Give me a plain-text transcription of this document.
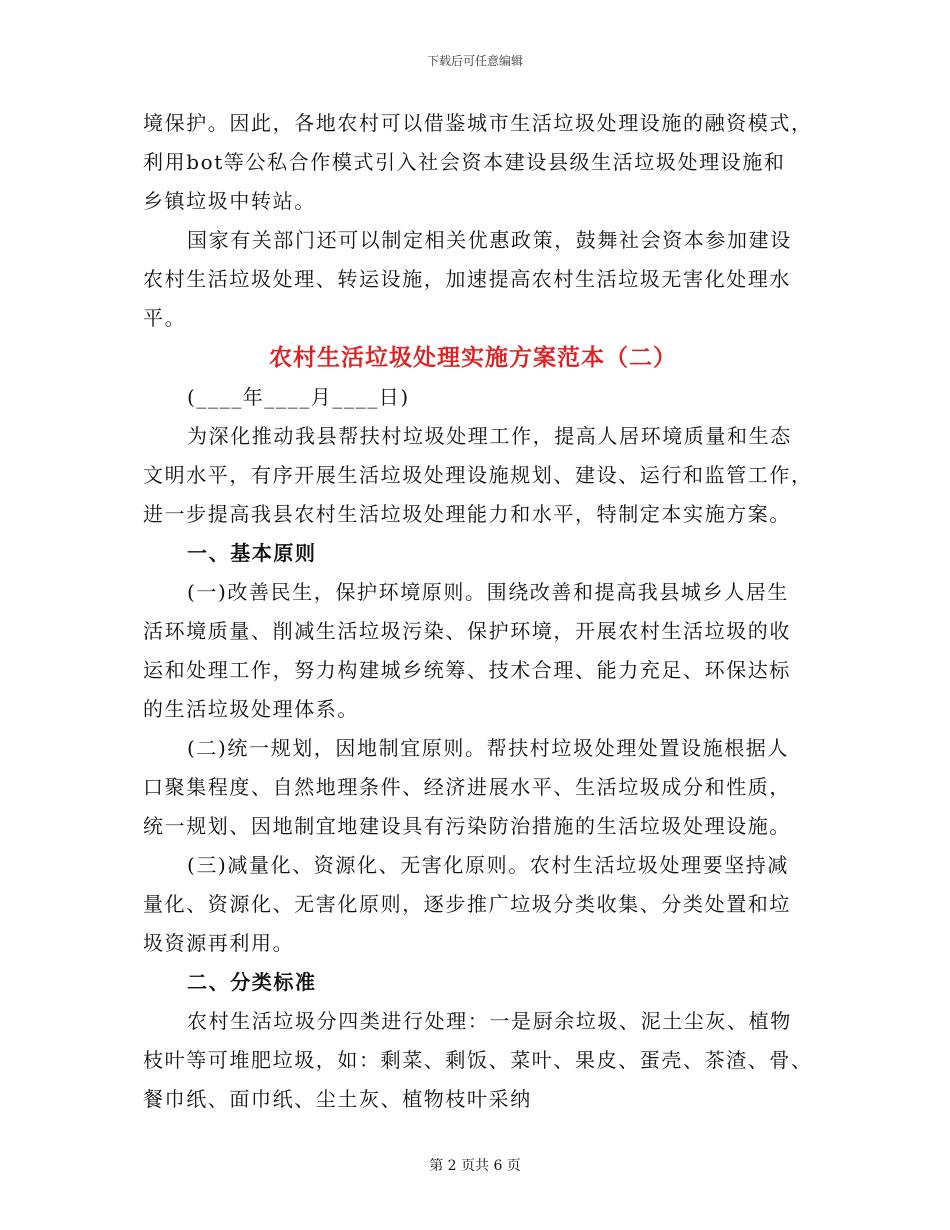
下载后可任意编辑
境保护。因此，各地农村可以借鉴城市生活垃圾处理设施的融资模式，
利用bot等公私合作模式引入社会资本建设县级生活垃圾处理设施和
乡镇垃圾中转站。
国家有关部门还可以制定相关优惠政策，鼓舞社会资本参加建设
农村生活垃圾处理、转运设施，加速提高农村生活垃圾无害化处理水
平。
农村生活垃圾处理实施方案范本（二）
(____年____月____日)
为深化推动我县帮扶村垃圾处理工作，提高人居环境质量和生态
文明水平，有序开展生活垃圾处理设施规划、建设、运行和监管工作，
进一步提高我县农村生活垃圾处理能力和水平，特制定本实施方案。
一、基本原则
(一)改善民生，保护环境原则。围绕改善和提高我县城乡人居生
活环境质量、削减生活垃圾污染、保护环境，开展农村生活垃圾的收
运和处理工作，努力构建城乡统筹、技术合理、能力充足、环保达标
的生活垃圾处理体系。
(二)统一规划，因地制宜原则。帮扶村垃圾处理处置设施根据人
口聚集程度、自然地理条件、经济进展水平、生活垃圾成分和性质，
统一规划、因地制宜地建设具有污染防治措施的生活垃圾处理设施。
(三)减量化、资源化、无害化原则。农村生活垃圾处理要坚持减
量化、资源化、无害化原则，逐步推广垃圾分类收集、分类处置和垃
圾资源再利用。
二、分类标准
农村生活垃圾分四类进行处理：一是厨余垃圾、泥土尘灰、植物
枝叶等可堆肥垃圾，如：剩菜、剩饭、菜叶、果皮、蛋壳、茶渣、骨、
餐巾纸、面巾纸、尘土灰、植物枝叶采纳
第 2 页共 6 页
